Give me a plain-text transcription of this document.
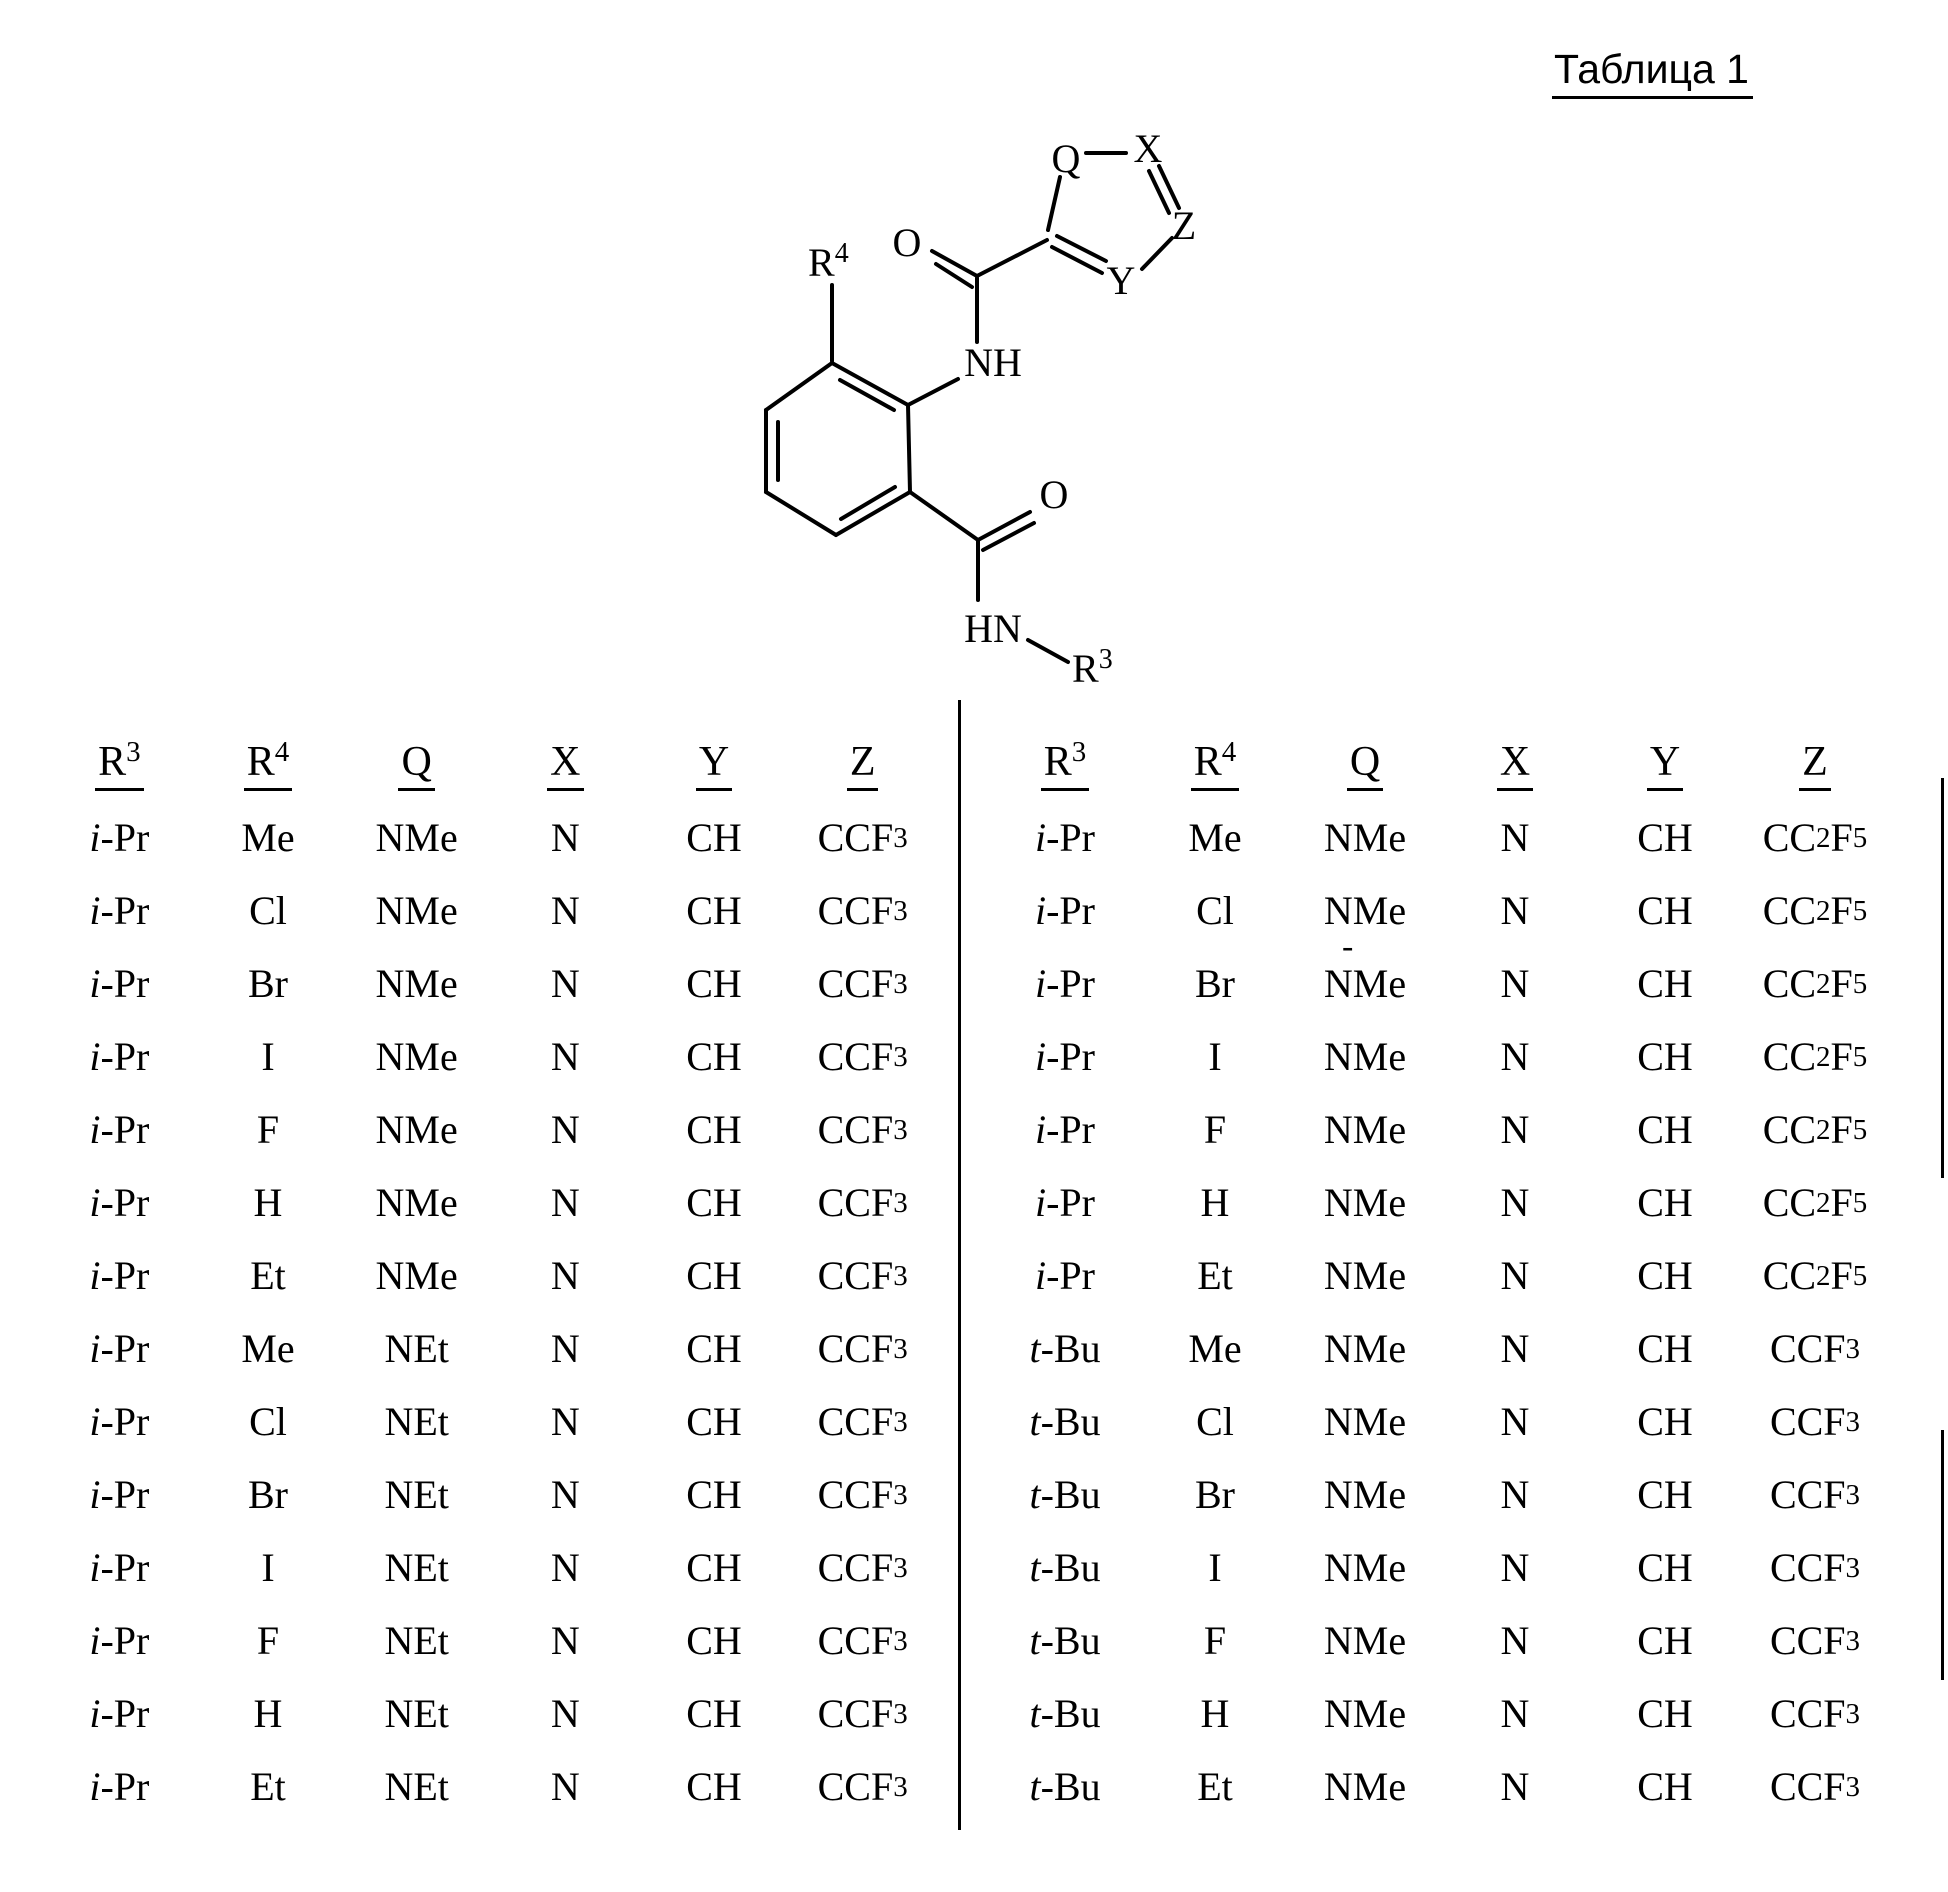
Таблица 1
$R^4$ O
NH
Q X
Z
Y
O
HN
$R^3$
$R^3$	$R^4$	Q	X	Y	Z
i -Pr	Me	NMe	N	CH	CCF 3
i -Pr	Cl	NMe	N	CH	CCF 3
i -Pr	Br	NMe	N	CH	CCF 3
i -Pr	I	NMe	N	CH	CCF 3
i -Pr	F	NMe	N	CH	CCF 3
i -Pr	H	NMe	N	CH	CCF 3
i -Pr	Et	NMe	N	CH	CCF 3
i -Pr	Me	NEt	N	CH	CCF 3
i -Pr	Cl	NEt	N	CH	CCF 3
i -Pr	Br	NEt	N	CH	CCF 3
i -Pr	I	NEt	N	CH	CCF 3
i -Pr	F	NEt	N	CH	CCF 3
i -Pr	H	NEt	N	CH	CCF 3
i -Pr	Et	NEt	N	CH	CCF 3
$R^3$	$R^4$	Q	X	Y	Z
i -Pr	Me	NMe	N	CH	CC 2 F 5
i -Pr	Cl	NMe	N	CH	CC 2 F 5
i -Pr	Br	NMe	N	CH	CC 2 F 5
i -Pr	I	NMe	N	CH	CC 2 F 5
i -Pr	F	NMe	N	CH	CC 2 F 5
i -Pr	H	NMe	N	CH	CC 2 F 5
i -Pr	Et	NMe	N	CH	CC 2 F 5
t -Bu	Me	NMe	N	CH	CCF 3
t -Bu	Cl	NMe	N	CH	CCF 3
t -Bu	Br	NMe	N	CH	CCF 3
t -Bu	I	NMe	N	CH	CCF 3
t -Bu	F	NMe	N	CH	CCF 3
t -Bu	H	NMe	N	CH	CCF 3
t -Bu	Et	NMe	N	CH	CCF 3
-
